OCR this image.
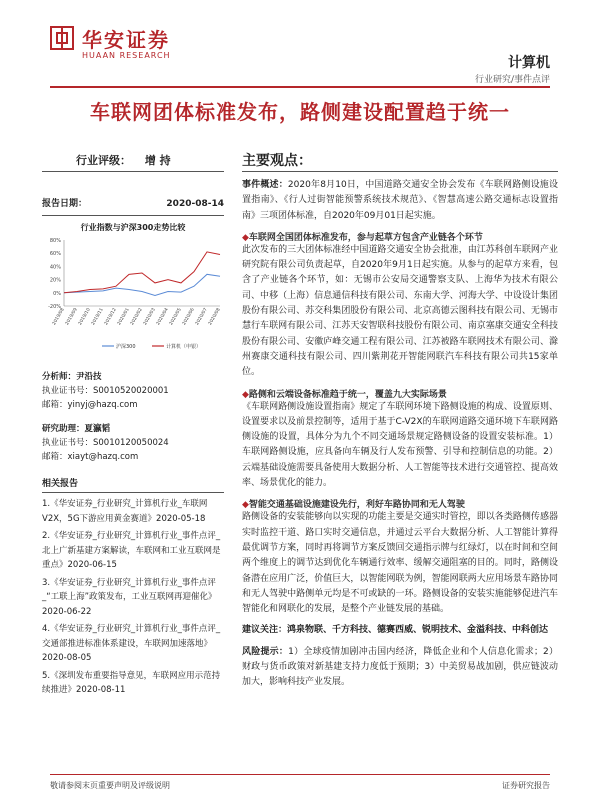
华安证券
HUAAN RESEARCH	计算机
行业研究/事件点评
车联网团体标准发布，路侧建设配置趋于统一
行业评级： 增 持
报告日期：	2020-08-14
行业指数与沪深300走势比较
-20%
0%
20%
40%
60%
80%
2019/08 2019/09 2019/10 2019/11 2019/12 2020/01 2020/02 2020/03 2020/04 2020/05 2020/06 2020/07 2020/08
沪深300	计算机（申银）
分析师：尹沿技
执业证书号：S0010520020001
邮箱：yinyj@hazq.com
研究助理：夏瀛韬
执业证书号：S0010120050024
邮箱：xiayt@hazq.com
相关报告
1.《华安证券_行业研究_计算机行业_车联网V2X，5G下游应用黄金赛道》2020-05-18
2.《华安证券_行业研究_计算机行业_事件点评_北上广新基建方案解读，车联网和工业互联网是重点》2020-06-15
3.《华安证券_行业研究_计算机行业_事件点评_“工联上海”政策发布，工业互联网再迎催化》2020-06-22
4.《华安证券_行业研究_计算机行业_事件点评_交通部推进标准体系建设，车联网加速落地》2020-08-05
5.《深圳发布重要指导意见，车联网应用示范持续推进》2020-08-11
主要观点：
事件概述：2020年8月10日，中国道路交通安全协会发布《车联网路侧设施设置指南》、《行人过街智能预警系统技术规范》、《智慧高速公路交通标志设置指南》三项团体标准，自2020年09月01日起实施。
◆车联网全国团体标准发布，参与起草方包含产业链各个环节
此次发布的三大团体标准经中国道路交通安全协会批准，由江苏科创车联网产业研究院有限公司负责起草，自2020年9月1日起实施。从参与的起草方来看，包含了产业链各个环节，如：无锡市公安局交通警察支队、上海华为技术有限公司、中移（上海）信息通信科技有限公司、东南大学、河海大学、中设设计集团股份有限公司、苏交科集团股份有限公司、北京高德云图科技有限公司、无锡市慧行车联网有限公司、江苏天安智联科技股份有限公司、南京塞康交通安全科技股份有限公司、安徽庐峰交通工程有限公司、江苏被路车联网技术有限公司、滁州赛康交通科技有限公司、四川紫荆花开智能网联汽车科技有限公司共15家单位。
◆路侧和云端设备标准趋于统一，覆盖九大实际场景
《车联网路侧设施设置指南》规定了车联网环境下路侧设施的构成、设置原则、设置要求以及前景控制等，适用于基于C-V2X的车联网道路交通环境下车联网路侧设施的设置，具体分为九个不同交通场景规定路侧设备的设置安装标准。1）车联网路侧设施，应具备向车辆及行人发布预警、引导和控制信息的功能。2）云端基础设施需要具备使用大数据分析、人工智能等技术进行交通管控、提高效率、场景优化的能力。
◆智能交通基础设施建设先行，利好车路协同和无人驾驶
路侧设备的安装能够向以实现的功能主要是交通实时管控，即以各类路侧传感器实时监控干道、路口实时交通信息，并通过云平台大数据分析、人工智能计算得最优调节方案，同时再将调节方案反馈回交通指示牌与红绿灯，以在时间和空间两个维度上的调节达到优化车辆通行效率、缓解交通阻塞的目的。同时，路侧设备潜在应用广泛，价值巨大，以智能网联为例，智能网联两大应用场景车路协同和无人驾驶中路侧单元均是不可或缺的一环。路侧设备的安装实施能够促进汽车智能化和网联化的发展，是整个产业链发展的基础。
建议关注：鸿泉物联、千方科技、德赛西威、锐明技术、金溢科技、中科创达
风险提示：1）全球疫情加剧冲击国内经济，降低企业和个人信息化需求；2）财政与货币政策对新基建支持力度低于预期；3）中美贸易战加剧，供应链波动加大，影响科技产业发展。
敬请参阅末页重要声明及评级说明	证券研究报告
